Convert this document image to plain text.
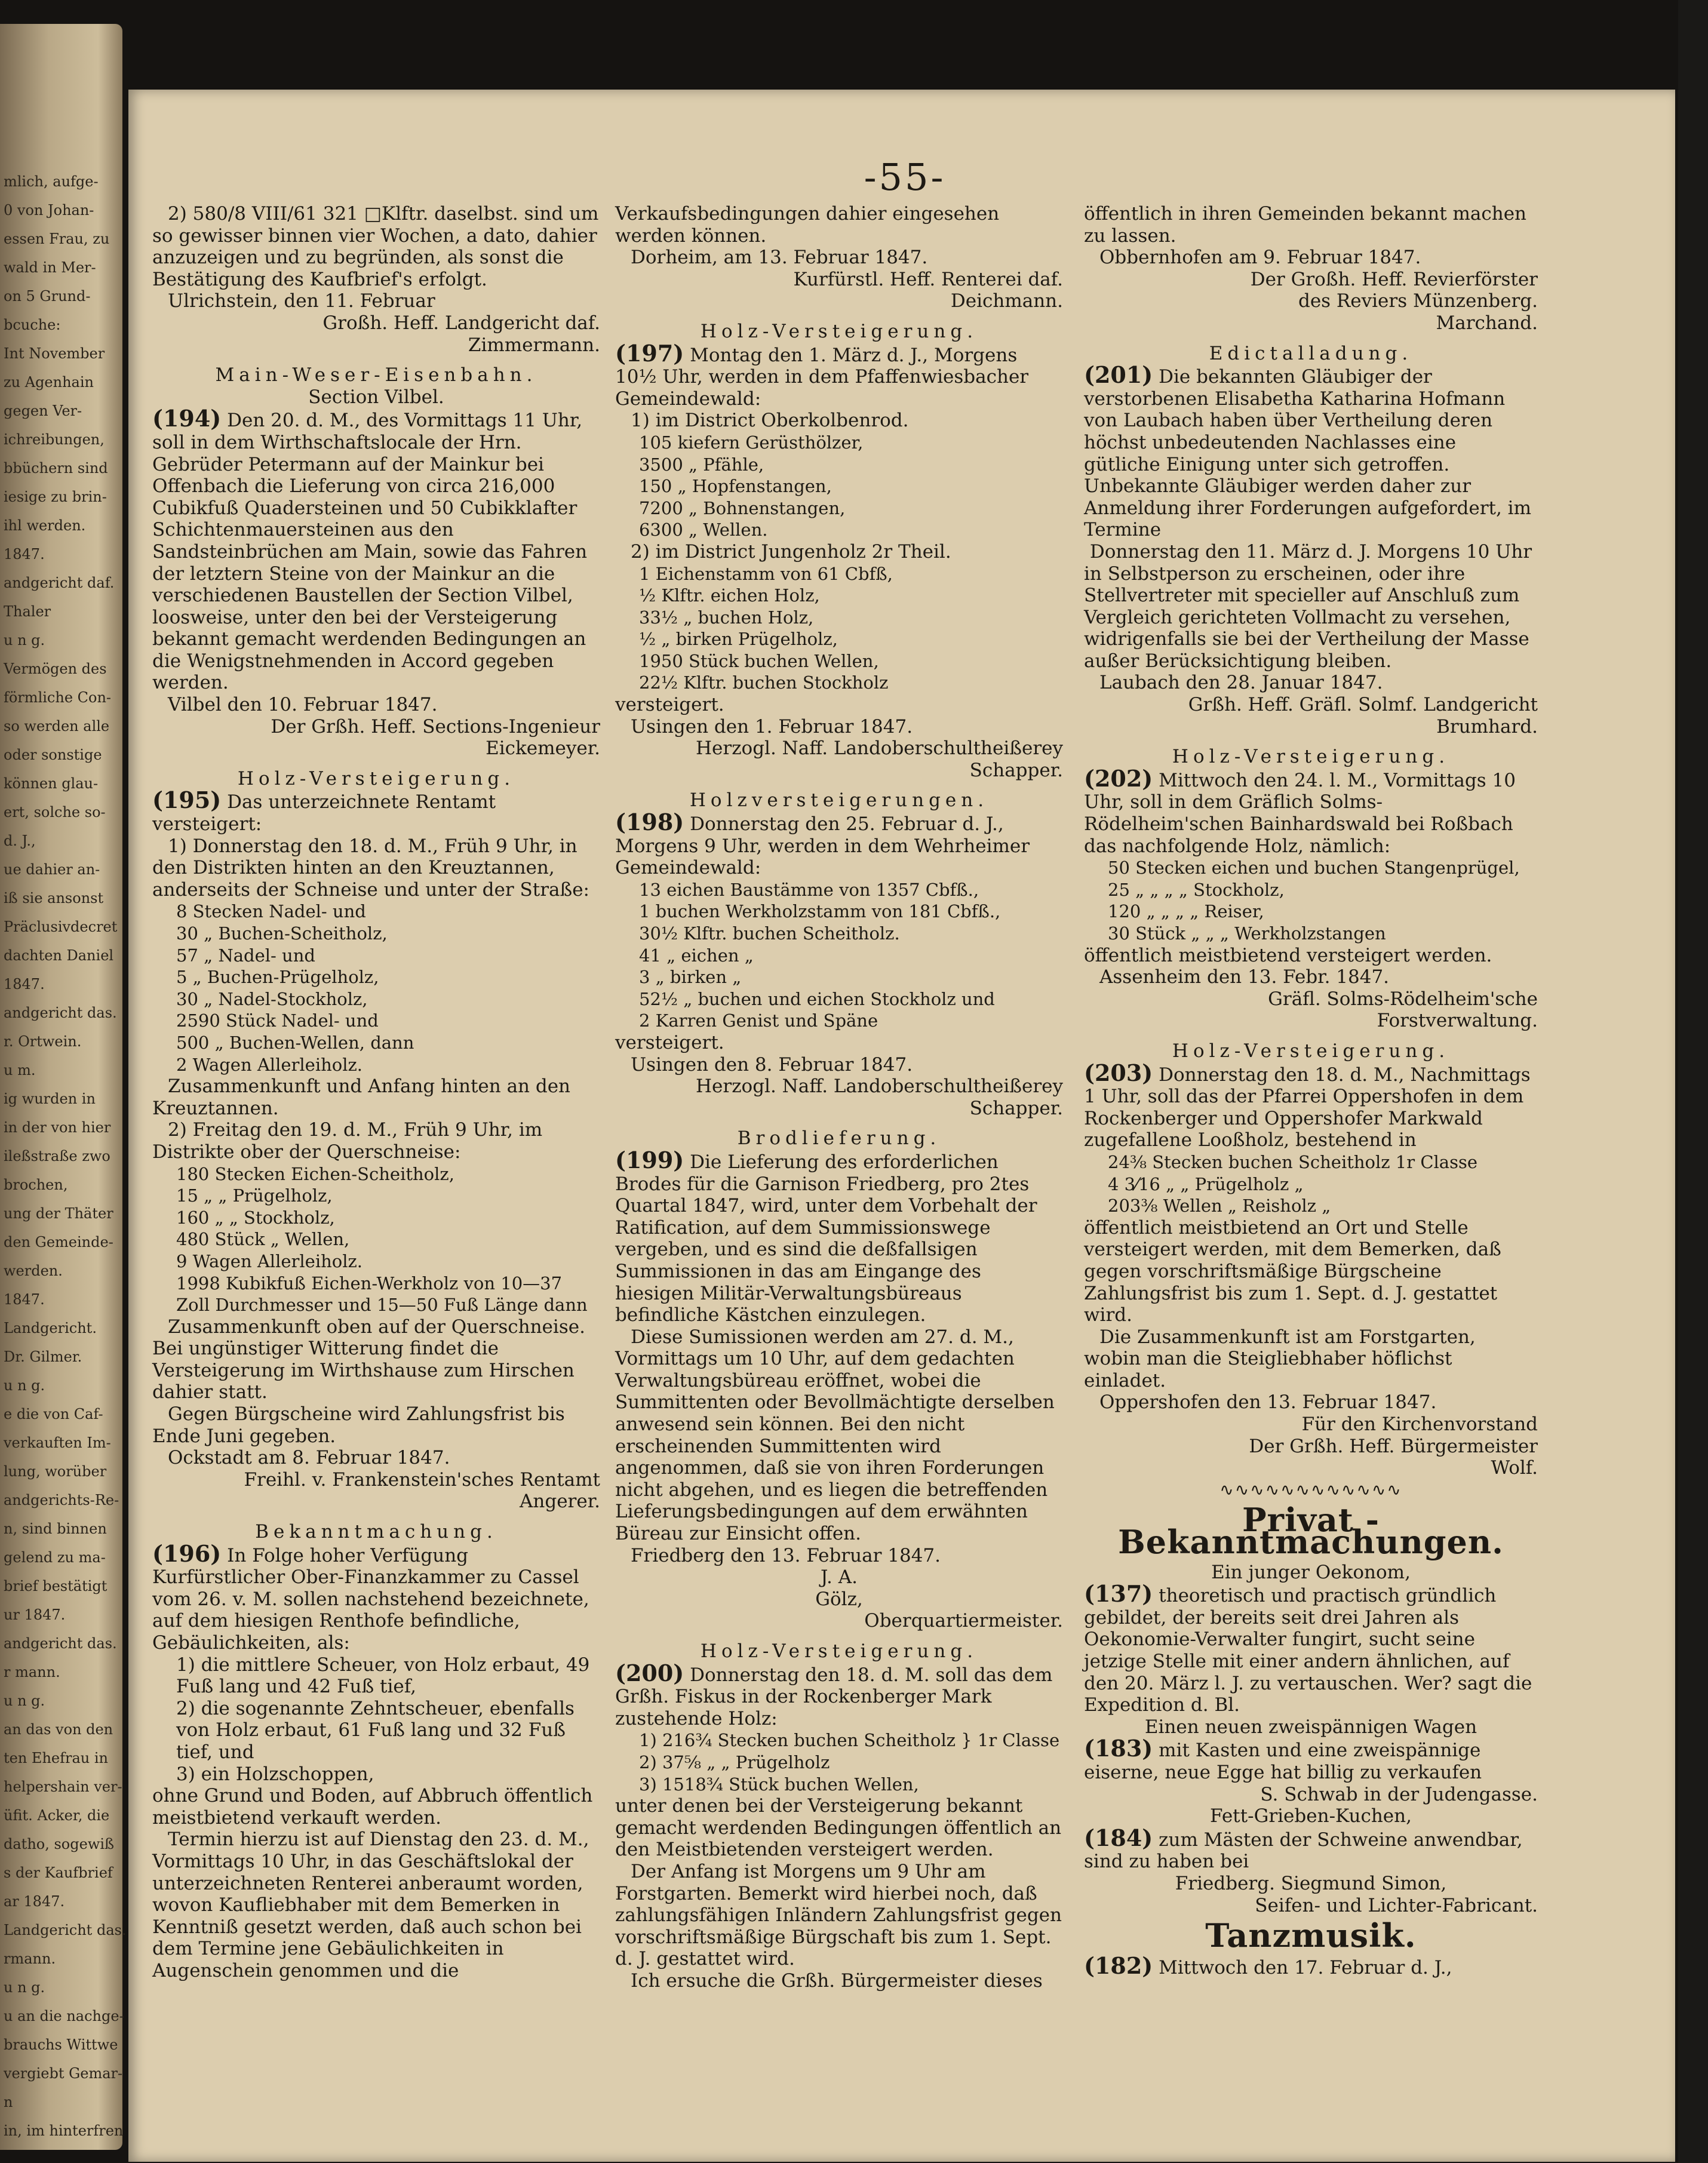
mlich, aufge-
0 von Johan-
essen Frau, zu
wald in Mer-
on 5 Grund-
bcuche:
Int November
zu Agenhain
gegen Ver-
ichreibungen,
bbüchern sind
iesige zu brin-
ihl werden.
1847.
andgericht daf.
Thaler
u n g.
Vermögen des
förmliche Con-
so werden alle
oder sonstige
können glau-
ert, solche so-
d. J.,
ue dahier an-
iß sie ansonst
Präclusivdecret
dachten Daniel
1847.
andgericht das.
r. Ortwein.
u m.
ig wurden in
in der von hier
ileßstraße zwo
brochen,
ung der Thäter
den Gemeinde-
werden.
1847.
Landgericht.
Dr. Gilmer.
u n g.
e die von Caf-
verkauften Im-
lung, worüber
andgerichts-Re-
n, sind binnen
gelend zu ma-
brief bestätigt
ur 1847.
andgericht das.
r mann.
u n g.
an das von den
ten Ehefrau in
helpershain ver-
üfit. Acker, die
datho, sogewiß
s der Kaufbrief
ar 1847.
Landgericht das.
rmann.
u n g.
u an die nachge-
brauchs Wittwe
vergiebt Gemar-
n
in, im hinterfren
-55-

2) 580/8 VIII/61 321 □Klftr. daselbst. sind um so gewisser binnen vier Wochen, a dato, dahier anzuzeigen und zu begründen, als sonst die Bestätigung des Kaufbrief's erfolgt.

Ulrichstein, den 11. Februar

Großh. Heff. Landgericht daf.

Zimmermann.

Main-Weser-Eisenbahn.

Section Vilbel.

(194) Den 20. d. M., des Vormittags 11 Uhr, soll in dem Wirthschaftslocale der Hrn. Gebrüder Petermann auf der Mainkur bei Offenbach die Lieferung von circa 216,000 Cubikfuß Quadersteinen und 50 Cubikklafter Schichtenmauersteinen aus den Sandsteinbrüchen am Main, sowie das Fahren der letztern Steine von der Mainkur an die verschiedenen Baustellen der Section Vilbel, loosweise, unter den bei der Versteigerung bekannt gemacht werdenden Bedingungen an die Wenigstnehmenden in Accord gegeben werden.

Vilbel den 10. Februar 1847.

Der Grßh. Heff. Sections-Ingenieur

Eickemeyer.

Holz-Versteigerung.

(195) Das unterzeichnete Rentamt versteigert:

1) Donnerstag den 18. d. M., Früh 9 Uhr, in den Distrikten hinten an den Kreuztannen, anderseits der Schneise und unter der Straße:

8 Stecken Nadel- und

30 „ Buchen-Scheitholz,

57 „ Nadel- und

5 „ Buchen-Prügelholz,

30 „ Nadel-Stockholz,

2590 Stück Nadel- und

500 „ Buchen-Wellen, dann

2 Wagen Allerleiholz.

Zusammenkunft und Anfang hinten an den Kreuztannen.

2) Freitag den 19. d. M., Früh 9 Uhr, im Distrikte ober der Querschneise:

180 Stecken Eichen-Scheitholz,

15 „ „ Prügelholz,

160 „ „ Stockholz,

480 Stück „ Wellen,

9 Wagen Allerleiholz.

1998 Kubikfuß Eichen-Werkholz von 10—37 Zoll Durchmesser und 15—50 Fuß Länge dann

Zusammenkunft oben auf der Querschneise. Bei ungünstiger Witterung findet die Versteigerung im Wirthshause zum Hirschen dahier statt.

Gegen Bürgscheine wird Zahlungsfrist bis Ende Juni gegeben.

Ockstadt am 8. Februar 1847.

Freihl. v. Frankenstein'sches Rentamt

Angerer.

Bekanntmachung.

(196) In Folge hoher Verfügung Kurfürstlicher Ober-Finanzkammer zu Cassel vom 26. v. M. sollen nachstehend bezeichnete, auf dem hiesigen Renthofe befindliche, Gebäulichkeiten, als:

1) die mittlere Scheuer, von Holz erbaut, 49 Fuß lang und 42 Fuß tief,

2) die sogenannte Zehntscheuer, ebenfalls von Holz erbaut, 61 Fuß lang und 32 Fuß tief, und

3) ein Holzschoppen,

ohne Grund und Boden, auf Abbruch öffentlich meistbietend verkauft werden.

Termin hierzu ist auf Dienstag den 23. d. M., Vormittags 10 Uhr, in das Geschäftslokal der unterzeichneten Renterei anberaumt worden, wovon Kaufliebhaber mit dem Bemerken in Kenntniß gesetzt werden, daß auch schon bei dem Termine jene Gebäulichkeiten in Augenschein genommen und die

Verkaufsbedingungen dahier eingesehen werden können.

Dorheim, am 13. Februar 1847.

Kurfürstl. Heff. Renterei daf.

Deichmann.

Holz-Versteigerung.

(197) Montag den 1. März d. J., Morgens 10½ Uhr, werden in dem Pfaffenwiesbacher Gemeindewald:

1) im District Oberkolbenrod.

105 kiefern Gerüsthölzer,

3500 „ Pfähle,

150 „ Hopfenstangen,

7200 „ Bohnenstangen,

6300 „ Wellen.

2) im District Jungenholz 2r Theil.

1 Eichenstamm von 61 Cbfß,

½ Klftr. eichen Holz,

33½ „ buchen Holz,

½ „ birken Prügelholz,

1950 Stück buchen Wellen,

22½ Klftr. buchen Stockholz

versteigert.

Usingen den 1. Februar 1847.

Herzogl. Naff. Landoberschultheißerey

Schapper.

Holzversteigerungen.

(198) Donnerstag den 25. Februar d. J., Morgens 9 Uhr, werden in dem Wehrheimer Gemeindewald:

13 eichen Baustämme von 1357 Cbfß.,

1 buchen Werkholzstamm von 181 Cbfß.,

30½ Klftr. buchen Scheitholz.

41 „ eichen „

3 „ birken „

52½ „ buchen und eichen Stockholz und

2 Karren Genist und Späne

versteigert.

Usingen den 8. Februar 1847.

Herzogl. Naff. Landoberschultheißerey

Schapper.

Brodlieferung.

(199) Die Lieferung des erforderlichen Brodes für die Garnison Friedberg, pro 2tes Quartal 1847, wird, unter dem Vorbehalt der Ratification, auf dem Summissionswege vergeben, und es sind die deßfallsigen Summissionen in das am Eingange des hiesigen Militär-Verwaltungsbüreaus befindliche Kästchen einzulegen.

Diese Sumissionen werden am 27. d. M., Vormittags um 10 Uhr, auf dem gedachten Verwaltungsbüreau eröffnet, wobei die Summittenten oder Bevollmächtigte derselben anwesend sein können. Bei den nicht erscheinenden Summittenten wird angenommen, daß sie von ihren Forderungen nicht abgehen, und es liegen die betreffenden Lieferungsbedingungen auf dem erwähnten Büreau zur Einsicht offen.

Friedberg den 13. Februar 1847.

J. A.

Gölz,

Oberquartiermeister.

Holz-Versteigerung.

(200) Donnerstag den 18. d. M. soll das dem Grßh. Fiskus in der Rockenberger Mark zustehende Holz:

1) 216¾ Stecken buchen Scheitholz } 1r Classe

2) 37⅝ „ „ Prügelholz

3) 1518¾ Stück buchen Wellen,

unter denen bei der Versteigerung bekannt gemacht werdenden Bedingungen öffentlich an den Meistbietenden versteigert werden.

Der Anfang ist Morgens um 9 Uhr am Forstgarten. Bemerkt wird hierbei noch, daß zahlungsfähigen Inländern Zahlungsfrist gegen vorschriftsmäßige Bürgschaft bis zum 1. Sept. d. J. gestattet wird.

Ich ersuche die Grßh. Bürgermeister dieses

öffentlich in ihren Gemeinden bekannt machen zu lassen.

Obbernhofen am 9. Februar 1847.

Der Großh. Heff. Revierförster

des Reviers Münzenberg.

Marchand.

Edictalladung.

(201) Die bekannten Gläubiger der verstorbenen Elisabetha Katharina Hofmann von Laubach haben über Vertheilung deren höchst unbedeutenden Nachlasses eine gütliche Einigung unter sich getroffen. Unbekannte Gläubiger werden daher zur Anmeldung ihrer Forderungen aufgefordert, im Termine

Donnerstag den 11. März d. J. Morgens 10 Uhr

in Selbstperson zu erscheinen, oder ihre Stellvertreter mit specieller auf Anschluß zum Vergleich gerichteten Vollmacht zu versehen, widrigenfalls sie bei der Vertheilung der Masse außer Berücksichtigung bleiben.

Laubach den 28. Januar 1847.

Grßh. Heff. Gräfl. Solmf. Landgericht

Brumhard.

Holz-Versteigerung.

(202) Mittwoch den 24. l. M., Vormittags 10 Uhr, soll in dem Gräflich Solms-Rödelheim'schen Bainhardswald bei Roßbach das nachfolgende Holz, nämlich:

50 Stecken eichen und buchen Stangenprügel,

25 „ „ „ „ Stockholz,

120 „ „ „ „ Reiser,

30 Stück „ „ „ Werkholzstangen

öffentlich meistbietend versteigert werden.

Assenheim den 13. Febr. 1847.

Gräfl. Solms-Rödelheim'sche

Forstverwaltung.

Holz-Versteigerung.

(203) Donnerstag den 18. d. M., Nachmittags 1 Uhr, soll das der Pfarrei Oppershofen in dem Rockenberger und Oppershofer Markwald zugefallene Looßholz, bestehend in

24⅜ Stecken buchen Scheitholz 1r Classe

4 3⁄16 „ „ Prügelholz „

203⅜ Wellen „ Reisholz „

öffentlich meistbietend an Ort und Stelle versteigert werden, mit dem Bemerken, daß gegen vorschriftsmäßige Bürgscheine Zahlungsfrist bis zum 1. Sept. d. J. gestattet wird.

Die Zusammenkunft ist am Forstgarten, wobin man die Steigliebhaber höflichst einladet.

Oppershofen den 13. Februar 1847.

Für den Kirchenvorstand

Der Grßh. Heff. Bürgermeister

Wolf.

∿∿∿∿∿∿∿∿∿∿∿∿

Privat - Bekanntmachungen.

Ein junger Oekonom,

(137) theoretisch und practisch gründlich gebildet, der bereits seit drei Jahren als Oekonomie-Verwalter fungirt, sucht seine jetzige Stelle mit einer andern ähnlichen, auf den 20. März l. J. zu vertauschen. Wer? sagt die Expedition d. Bl.

Einen neuen zweispännigen Wagen

(183) mit Kasten und eine zweispännige eiserne, neue Egge hat billig zu verkaufen

S. Schwab in der Judengasse.

Fett-Grieben-Kuchen,

(184) zum Mästen der Schweine anwendbar, sind zu haben bei

Friedberg. Siegmund Simon,

Seifen- und Lichter-Fabricant.

Tanzmusik.

(182) Mittwoch den 17. Februar d. J.,
